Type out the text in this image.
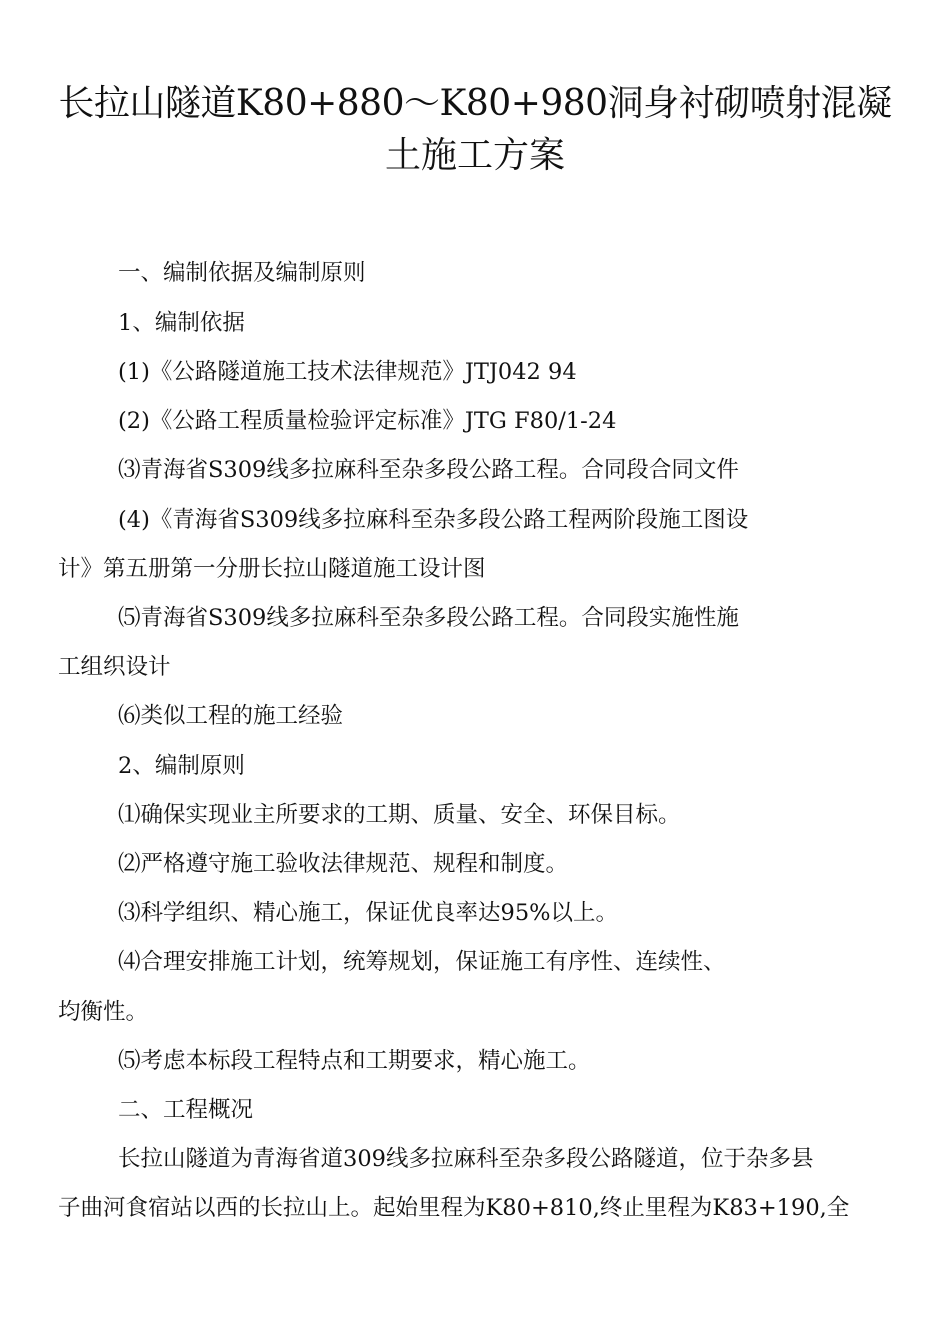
长拉山隧道K80+880〜K80+980洞身衬砌喷射混凝
土施工方案
一、编制依据及编制原则
1、编制依据
(1)《公路隧道施工技术法律规范》JTJ042 94
(2)《公路工程质量检验评定标准》JTG F80/1-24
⑶青海省S309线多拉麻科至杂多段公路工程。合同段合同文件
(4)《青海省S309线多拉麻科至杂多段公路工程两阶段施工图设
计》第五册第一分册长拉山隧道施工设计图
⑸青海省S309线多拉麻科至杂多段公路工程。合同段实施性施
工组织设计
⑹类似工程的施工经验
2、编制原则
⑴确保实现业主所要求的工期、质量、安全、环保目标。
⑵严格遵守施工验收法律规范、规程和制度。
⑶科学组织、精心施工，保证优良率达95%以上。
⑷合理安排施工计划，统筹规划，保证施工有序性、连续性、
均衡性。
⑸考虑本标段工程特点和工期要求，精心施工。
二、工程概况
长拉山隧道为青海省道309线多拉麻科至杂多段公路隧道，位于杂多县
子曲河食宿站以西的长拉山上。起始里程为K80+810,终止里程为K83+190,全
